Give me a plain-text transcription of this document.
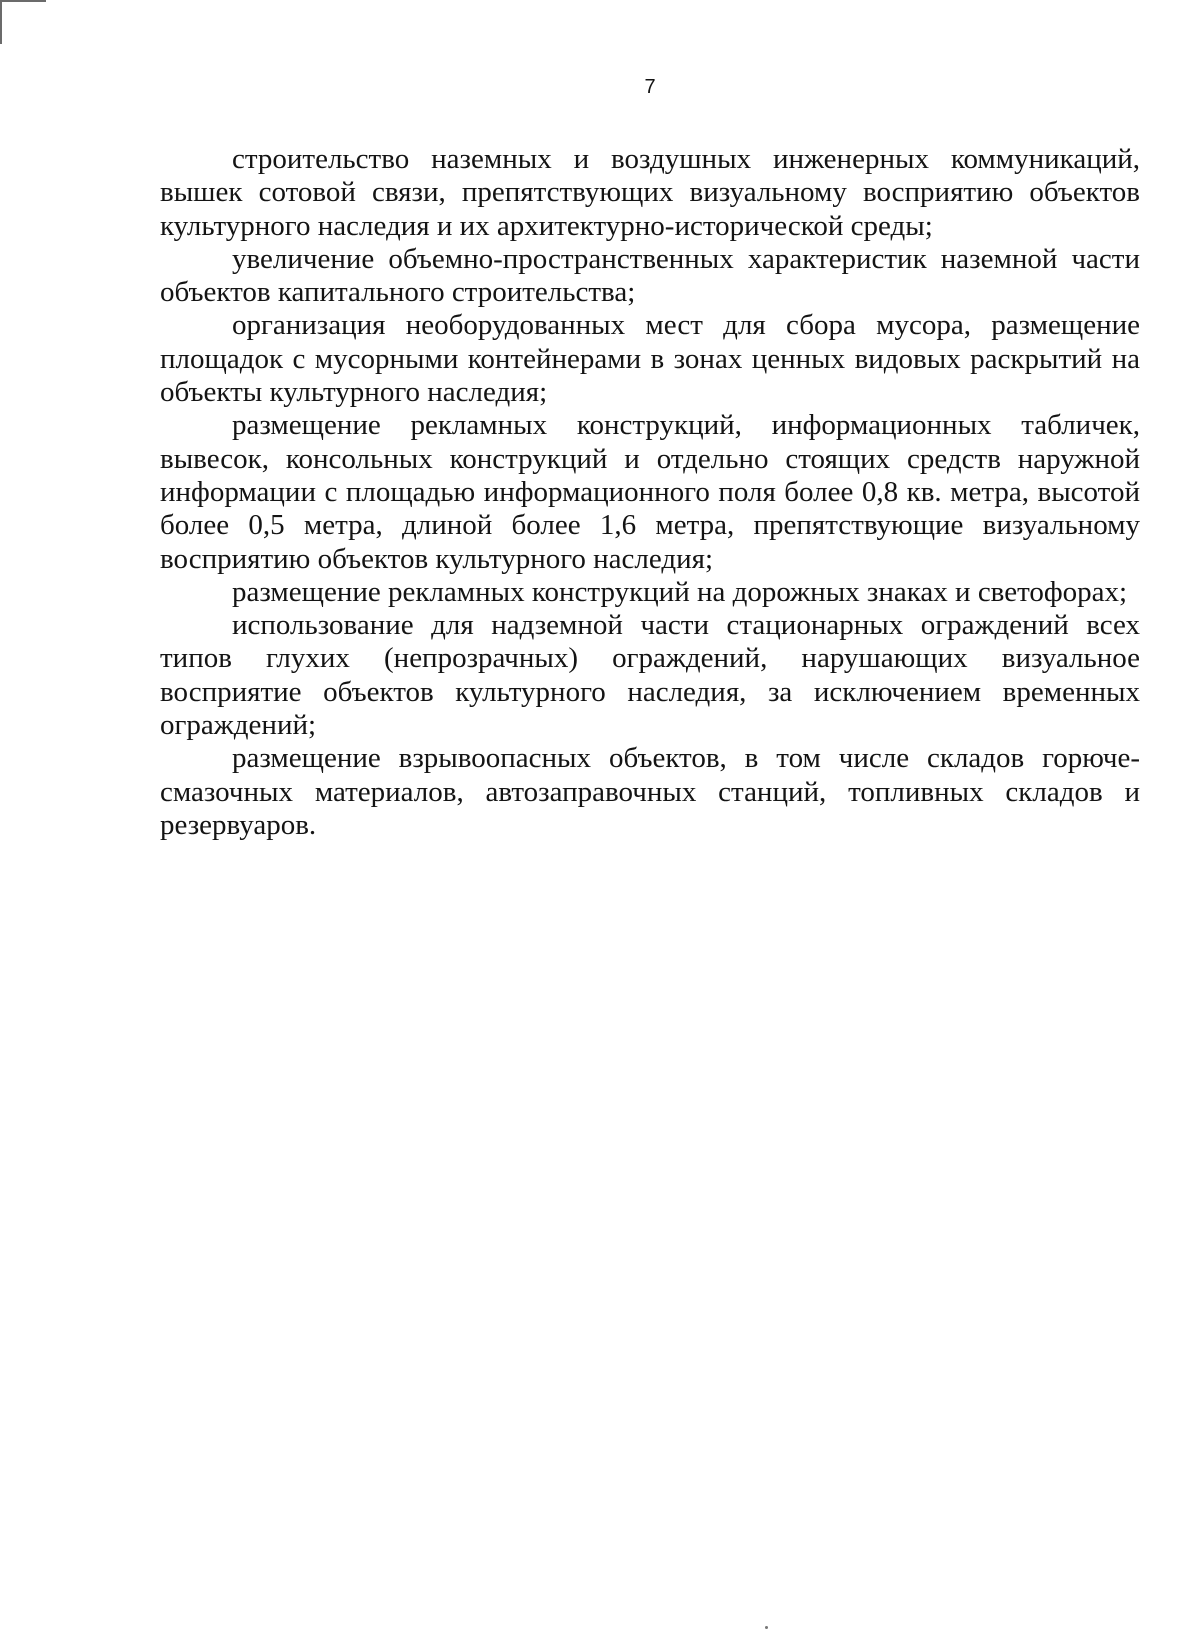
7

строительство наземных и воздушных инженерных коммуникаций, вышек сотовой связи, препятствующих визуальному восприятию объектов культурного наследия и их архитектурно-исторической среды;

увеличение объемно-пространственных характеристик наземной части объектов капитального строительства;

организация необорудованных мест для сбора мусора, размещение площадок с мусорными контейнерами в зонах ценных видовых раскрытий на объекты культурного наследия;

размещение рекламных конструкций, информационных табличек, вывесок, консольных конструкций и отдельно стоящих средств наружной информации с площадью информационного поля более 0,8 кв. метра, высотой более 0,5 метра, длиной более 1,6 метра, препятствующие визуальному восприятию объектов культурного наследия;

размещение рекламных конструкций на дорожных знаках и светофорах;

использование для надземной части стационарных ограждений всех типов глухих (непрозрачных) ограждений, нарушающих визуальное восприятие объектов культурного наследия, за исключением временных ограждений;

размещение взрывоопасных объектов, в том числе складов горюче-смазочных материалов, автозаправочных станций, топливных складов и резервуаров.
